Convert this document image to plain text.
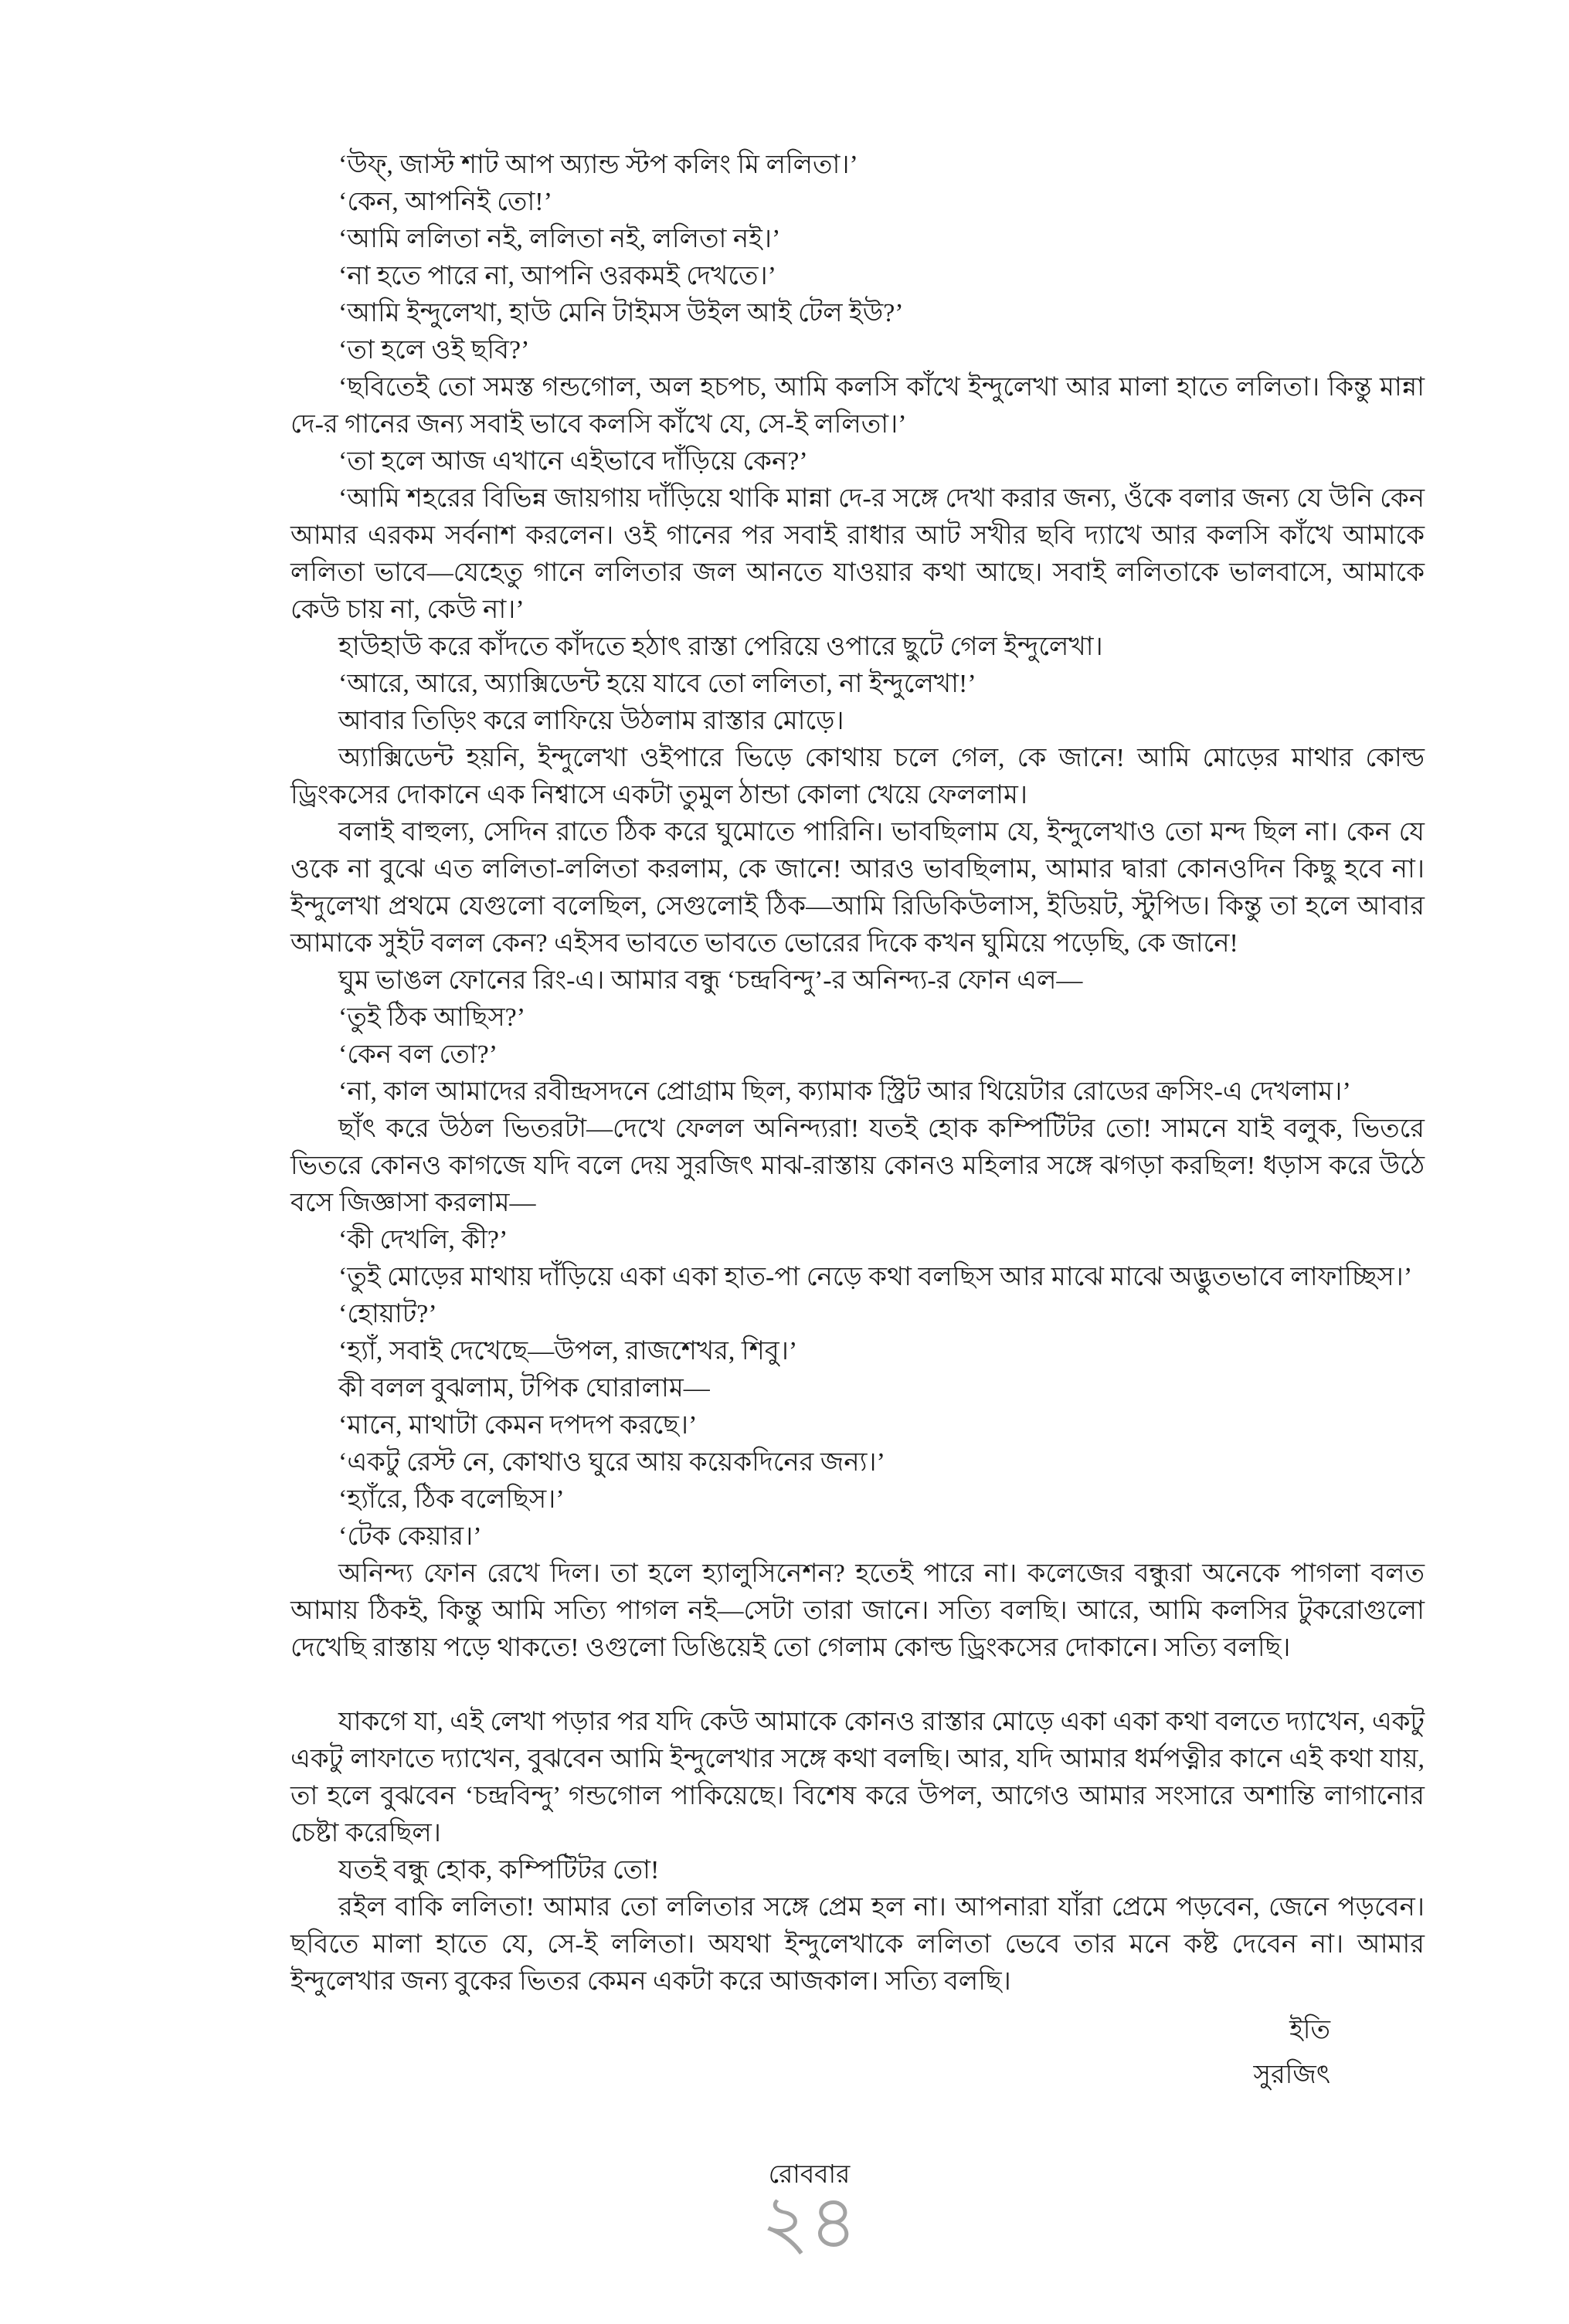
‘উফ্, জাস্ট শাট আপ অ্যান্ড স্টপ কলিং মি ললিতা।’

‘কেন, আপনিই তো!’

‘আমি ললিতা নই, ললিতা নই, ললিতা নই।’

‘না হতে পারে না, আপনি ওরকমই দেখতে।’

‘আমি ইন্দুলেখা, হাউ মেনি টাইমস উইল আই টেল ইউ?’

‘তা হলে ওই ছবি?’

‘ছবিতেই তো সমস্ত গন্ডগোল, অল হচপচ, আমি কলসি কাঁখে ইন্দুলেখা আর মালা হাতে ললিতা। কিন্তু মান্না দে-র গানের জন্য সবাই ভাবে কলসি কাঁখে যে, সে-ই ললিতা।’

‘তা হলে আজ এখানে এইভাবে দাঁড়িয়ে কেন?’

‘আমি শহরের বিভিন্ন জায়গায় দাঁড়িয়ে থাকি মান্না দে-র সঙ্গে দেখা করার জন্য, ওঁকে বলার জন্য যে উনি কেন আমার এরকম সর্বনাশ করলেন। ওই গানের পর সবাই রাধার আট সখীর ছবি দ্যাখে আর কলসি কাঁখে আমাকে ললিতা ভাবে—যেহেতু গানে ললিতার জল আনতে যাওয়ার কথা আছে। সবাই ললিতাকে ভালবাসে, আমাকে কেউ চায় না, কেউ না।’

হাউহাউ করে কাঁদতে কাঁদতে হঠাৎ রাস্তা পেরিয়ে ওপারে ছুটে গেল ইন্দুলেখা।

‘আরে, আরে, অ্যাক্সিডেন্ট হয়ে যাবে তো ললিতা, না ইন্দুলেখা!’

আবার তিড়িং করে লাফিয়ে উঠলাম রাস্তার মোড়ে।

অ্যাক্সিডেন্ট হয়নি, ইন্দুলেখা ওইপারে ভিড়ে কোথায় চলে গেল, কে জানে! আমি মোড়ের মাথার কোল্ড ড্রিংকসের দোকানে এক নিশ্বাসে একটা তুমুল ঠান্ডা কোলা খেয়ে ফেললাম।

বলাই বাহুল্য, সেদিন রাতে ঠিক করে ঘুমোতে পারিনি। ভাবছিলাম যে, ইন্দুলেখাও তো মন্দ ছিল না। কেন যে ওকে না বুঝে এত ললিতা-ললিতা করলাম, কে জানে! আরও ভাবছিলাম, আমার দ্বারা কোনওদিন কিছু হবে না। ইন্দুলেখা প্রথমে যেগুলো বলেছিল, সেগুলোই ঠিক—আমি রিডিকিউলাস, ইডিয়ট, স্টুপিড। কিন্তু তা হলে আবার আমাকে সুইট বলল কেন? এইসব ভাবতে ভাবতে ভোরের দিকে কখন ঘুমিয়ে পড়েছি, কে জানে!

ঘুম ভাঙল ফোনের রিং-এ। আমার বন্ধু ‘চন্দ্রবিন্দু’-র অনিন্দ্য-র ফোন এল—

‘তুই ঠিক আছিস?’

‘কেন বল তো?’

‘না, কাল আমাদের রবীন্দ্রসদনে প্রোগ্রাম ছিল, ক্যামাক স্ট্রিট আর থিয়েটার রোডের ক্রসিং-এ দেখলাম।’

ছাঁৎ করে উঠল ভিতরটা—দেখে ফেলল অনিন্দ্যরা! যতই হোক কম্পিটিটর তো! সামনে যাই বলুক, ভিতরে ভিতরে কোনও কাগজে যদি বলে দেয় সুরজিৎ মাঝ-রাস্তায় কোনও মহিলার সঙ্গে ঝগড়া করছিল! ধড়াস করে উঠে বসে জিজ্ঞাসা করলাম—

‘কী দেখলি, কী?’

‘তুই মোড়ের মাথায় দাঁড়িয়ে একা একা হাত-পা নেড়ে কথা বলছিস আর মাঝে মাঝে অদ্ভুতভাবে লাফাচ্ছিস।’

‘হোয়াট?’

‘হ্যাঁ, সবাই দেখেছে—উপল, রাজশেখর, শিবু।’

কী বলল বুঝলাম, টপিক ঘোরালাম—

‘মানে, মাথাটা কেমন দপদপ করছে।’

‘একটু রেস্ট নে, কোথাও ঘুরে আয় কয়েকদিনের জন্য।’

‘হ্যাঁরে, ঠিক বলেছিস।’

‘টেক কেয়ার।’

অনিন্দ্য ফোন রেখে দিল। তা হলে হ্যালুসিনেশন? হতেই পারে না। কলেজের বন্ধুরা অনেকে পাগলা বলত আমায় ঠিকই, কিন্তু আমি সত্যি পাগল নই—সেটা তারা জানে। সত্যি বলছি। আরে, আমি কলসির টুকরোগুলো দেখেছি রাস্তায় পড়ে থাকতে! ওগুলো ডিঙিয়েই তো গেলাম কোল্ড ড্রিংকসের দোকানে। সত্যি বলছি।

যাকগে যা, এই লেখা পড়ার পর যদি কেউ আমাকে কোনও রাস্তার মোড়ে একা একা কথা বলতে দ্যাখেন, একটু একটু লাফাতে দ্যাখেন, বুঝবেন আমি ইন্দুলেখার সঙ্গে কথা বলছি। আর, যদি আমার ধর্মপত্নীর কানে এই কথা যায়, তা হলে বুঝবেন ‘চন্দ্রবিন্দু’ গন্ডগোল পাকিয়েছে। বিশেষ করে উপল, আগেও আমার সংসারে অশান্তি লাগানোর চেষ্টা করেছিল।

যতই বন্ধু হোক, কম্পিটিটর তো!

রইল বাকি ললিতা! আমার তো ললিতার সঙ্গে প্রেম হল না। আপনারা যাঁরা প্রেমে পড়বেন, জেনে পড়বেন। ছবিতে মালা হাতে যে, সে-ই ললিতা। অযথা ইন্দুলেখাকে ললিতা ভেবে তার মনে কষ্ট দেবেন না। আমার ইন্দুলেখার জন্য বুকের ভিতর কেমন একটা করে আজকাল। সত্যি বলছি।

ইতি
সুরজিৎ
রোববার
২৪
